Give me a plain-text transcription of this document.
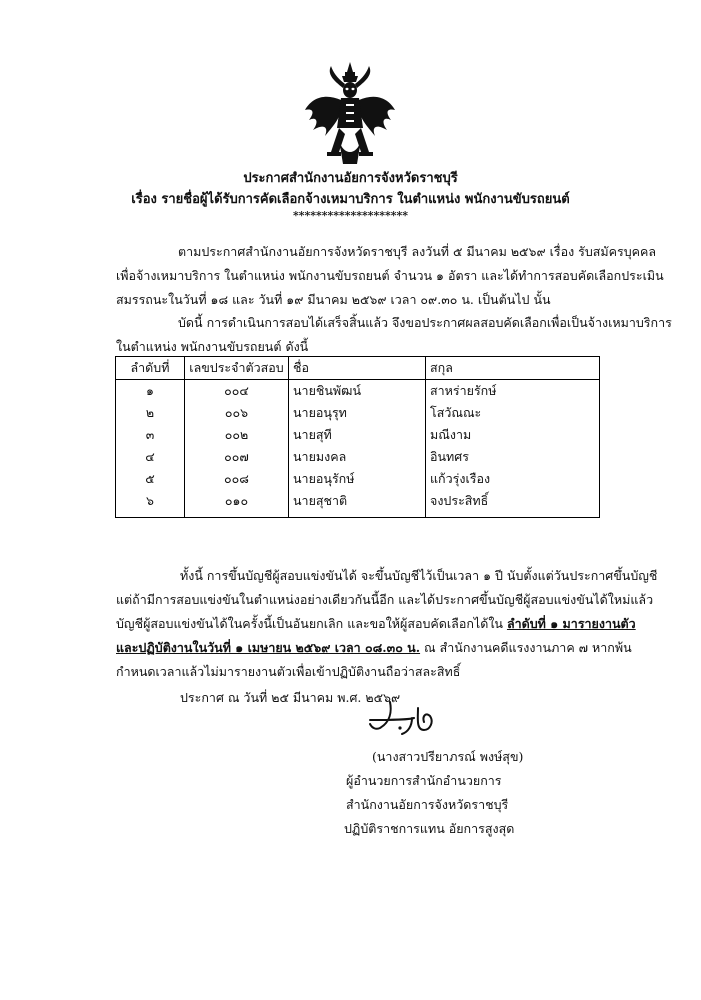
ประกาศสำนักงานอัยการจังหวัดราชบุรี
เรื่อง รายชื่อผู้ได้รับการคัดเลือกจ้างเหมาบริการ ในตำแหน่ง พนักงานขับรถยนต์
********************
ตามประกาศสำนักงานอัยการจังหวัดราชบุรี ลงวันที่ ๕ มีนาคม ๒๕๖๙ เรื่อง รับสมัครบุคคล
เพื่อจ้างเหมาบริการ ในตำแหน่ง พนักงานขับรถยนต์ จำนวน ๑ อัตรา และได้ทำการสอบคัดเลือกประเมิน
สมรรถนะในวันที่ ๑๘ และ วันที่ ๑๙ มีนาคม ๒๕๖๙ เวลา ๐๙.๓๐ น. เป็นต้นไป นั้น
บัดนี้ การดำเนินการสอบได้เสร็จสิ้นแล้ว จึงขอประกาศผลสอบคัดเลือกเพื่อเป็นจ้างเหมาบริการ
ในตำแหน่ง พนักงานขับรถยนต์ ดังนี้
ลำดับที่	เลขประจำตัวสอบ	ชื่อ	สกุล
๑	๐๐๔	นายชินพัฒน์	สาหร่ายรักษ์
๒	๐๐๖	นายอนุรุท	โสวัณณะ
๓	๐๐๒	นายสุที	มณีงาม
๔	๐๐๗	นายมงคล	อินทศร
๕	๐๐๘	นายอนุรักษ์	แก้วรุ่งเรือง
๖	๐๑๐	นายสุชาติ	จงประสิทธิ์
ทั้งนี้ การขึ้นบัญชีผู้สอบแข่งขันได้ จะขึ้นบัญชีไว้เป็นเวลา ๑ ปี นับตั้งแต่วันประกาศขึ้นบัญชี
แต่ถ้ามีการสอบแข่งขันในตำแหน่งอย่างเดียวกันนี้อีก และได้ประกาศขึ้นบัญชีผู้สอบแข่งขันได้ใหม่แล้ว
บัญชีผู้สอบแข่งขันได้ในครั้งนี้เป็นอันยกเลิก และขอให้ผู้สอบคัดเลือกได้ใน ลำดับที่ ๑ มารายงานตัว
และปฏิบัติงานในวันที่ ๑ เมษายน ๒๕๖๙ เวลา ๐๘.๓๐ น. ณ สำนักงานคดีแรงงานภาค ๗ หากพ้น
กำหนดเวลาแล้วไม่มารายงานตัวเพื่อเข้าปฏิบัติงานถือว่าสละสิทธิ์
ประกาศ ณ วันที่ ๒๕ มีนาคม พ.ศ. ๒๕๖๙
(นางสาวปรียาภรณ์ พงษ์สุข)
ผู้อำนวยการสำนักอำนวยการ
สำนักงานอัยการจังหวัดราชบุรี
ปฏิบัติราชการแทน อัยการสูงสุด
